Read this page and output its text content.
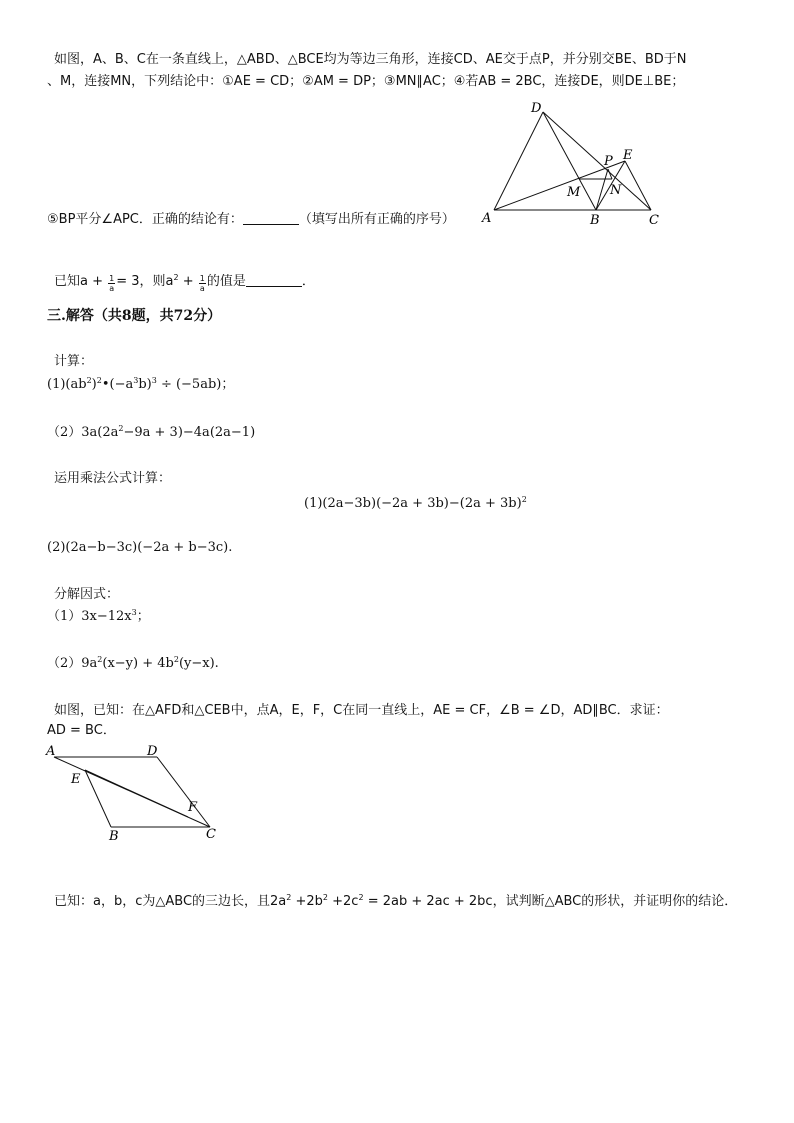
如图，A、B、C在一条直线上，△ABD、△BCE均为等边三角形，连接CD、AE交于点P，并分别交BE、BD于N
、M，连接MN，下列结论中：①AE = CD；②AM = DP；③MN∥AC；④若AB = 2BC，连接DE，则DE⊥BE；
⑤BP平分∠APC．正确的结论有：	（填写出所有正确的序号） A	B	C
D
E
P
M N
已知$a + \frac{1}{a} = 3$，则$a^2 + \frac{1}{a}$ 的值是	．
三.解答（共8题，共72分）
计算：
$(1)(ab^2)^2•(-a^3b)^3 \div (-5ab)$；
$(2)3a(2a^2-9a + 3)-4a(2a-1)$
运用乘法公式计算：
$(1)(2a-3b)(-2a + 3b)-(2a + 3b)^2$
(2)(2a−b−3c)(−2a + b−3c).
分解因式：
$(1)3x-12x^3$；
$(2)9a^2(x-y) + 4b^2(y-x)$.
如图，已知：在△AFD和△CEB中，点A，E，F，C在同一直线上，AE = CF，∠B = ∠D，AD∥BC．求证：
AD = BC．
A	D
E
F
B	C
已知：a，b，c为△ABC的三边长，且$2a^2 +2b^2 +2c^2 = 2ab + 2ac + 2bc$，试判断△ABC的形状，并证明你的结论．
